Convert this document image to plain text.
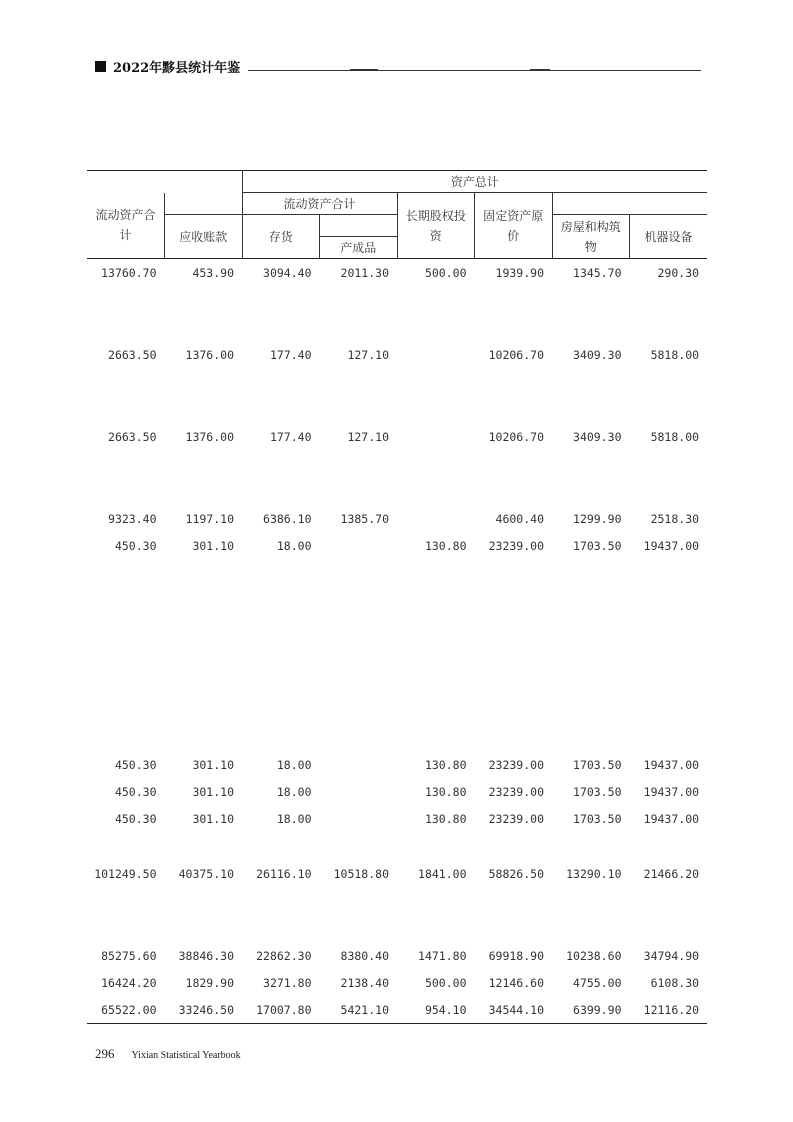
2022年黟县统计年鉴
		资产总计					

流动资产合
计		流动资产合计		长期股权投
资	固定资产原
价		

	应收账款	存货				房屋和构筑
物	机器设备
			产成品				
13760.70	453.90	3094.40	2011.30	500.00	1939.90	1345.70	290.30

2663.50	1376.00	177.40	127.10		10206.70	3409.30	5818.00

2663.50	1376.00	177.40	127.10		10206.70	3409.30	5818.00

9323.40	1197.10	6386.10	1385.70		4600.40	1299.90	2518.30
450.30	301.10	18.00		130.80	23239.00	1703.50	19437.00

450.30	301.10	18.00		130.80	23239.00	1703.50	19437.00
450.30	301.10	18.00		130.80	23239.00	1703.50	19437.00
450.30	301.10	18.00		130.80	23239.00	1703.50	19437.00

101249.50	40375.10	26116.10	10518.80	1841.00	58826.50	13290.10	21466.20

85275.60	38846.30	22862.30	8380.40	1471.80	69918.90	10238.60	34794.90
16424.20	1829.90	3271.80	2138.40	500.00	12146.60	4755.00	6108.30
65522.00	33246.50	17007.80	5421.10	954.10	34544.10	6399.90	12116.20
296 Yixian Statistical Yearbook
